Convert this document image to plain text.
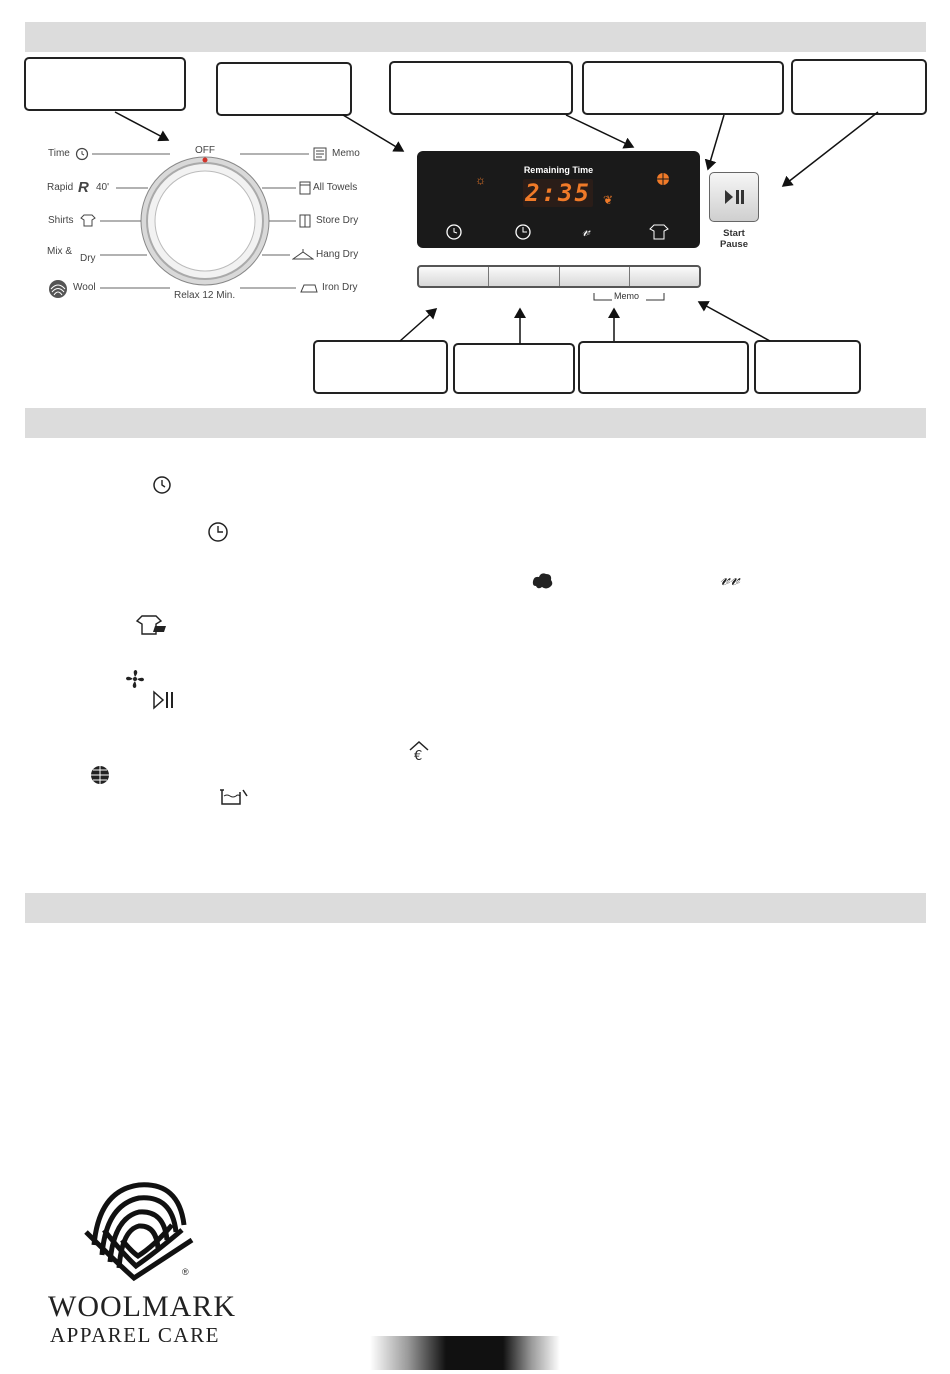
OFF
Relax 12 Min.
Time
Rapid R 40'
Shirts
Mix &
Dry
Wool
Memo
All Towels
Store Dry
Hang Dry
Iron Dry
Remaining Time
2:35
☼
❦
𝓋
Memo
Start
Pause
𝓋𝓋
€
®
WOOLMARK
APPAREL CARE
